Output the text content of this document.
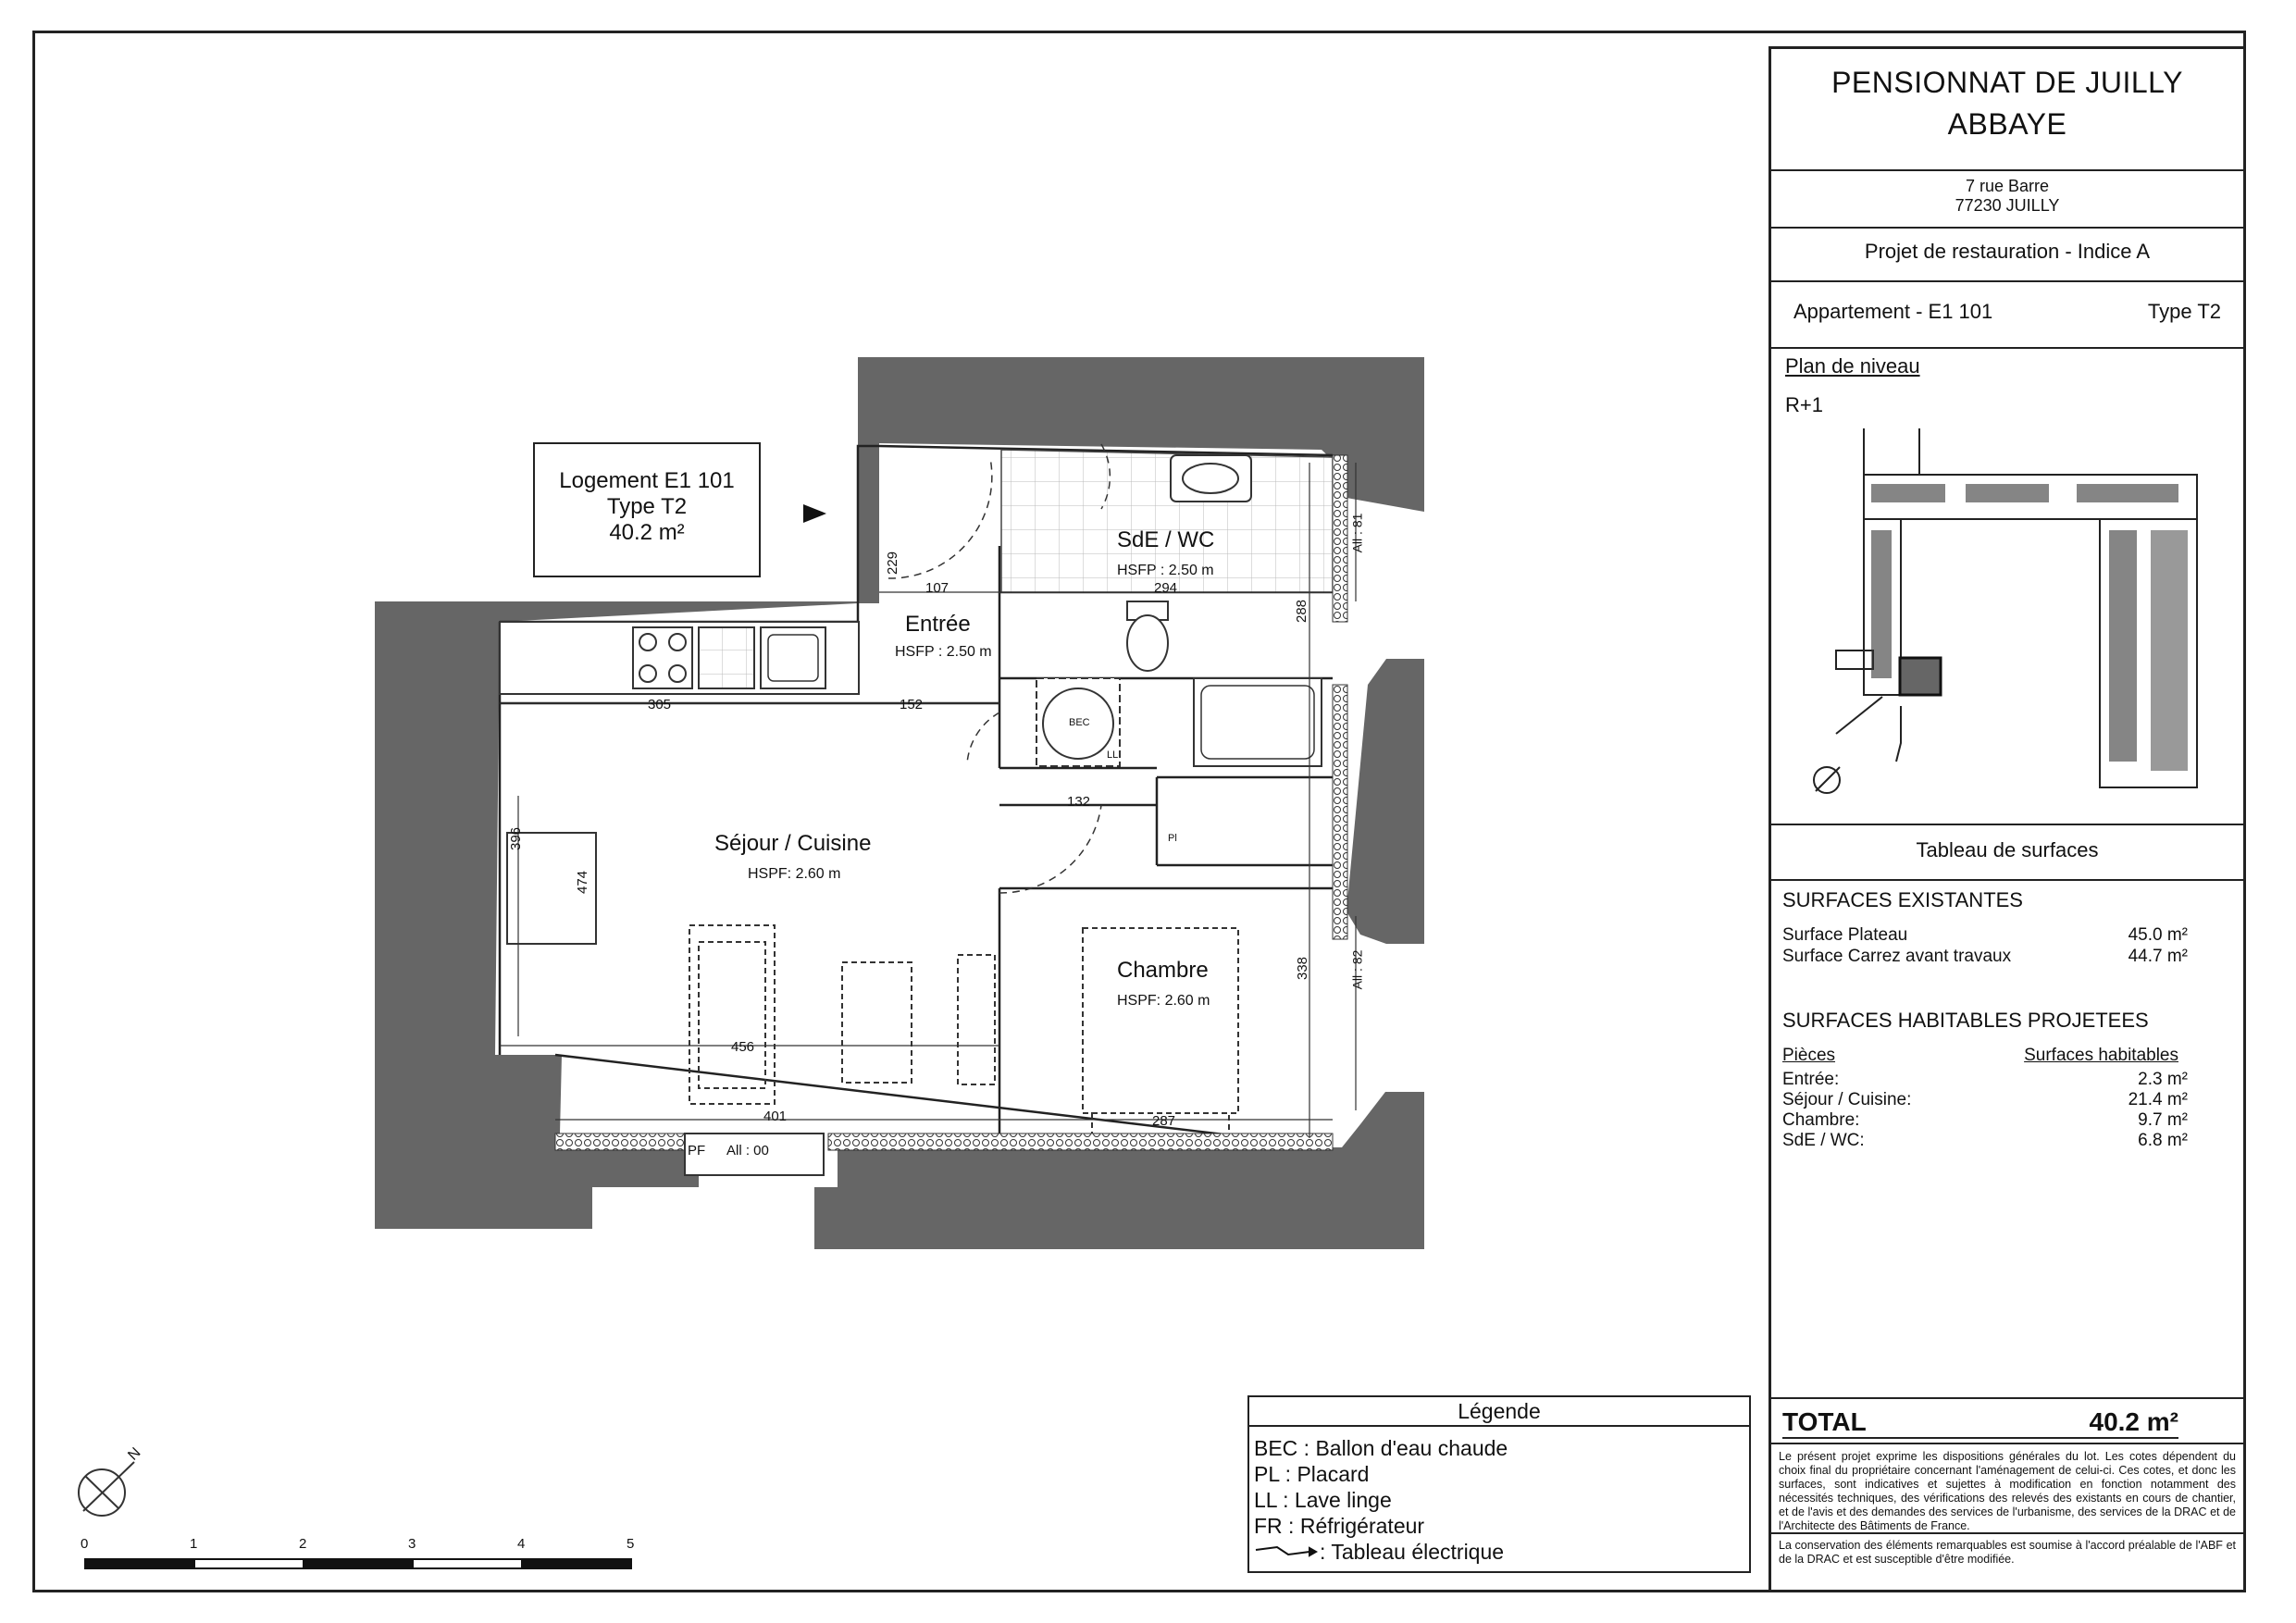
Logement E1 101
Type T2
40.2 m²	SdE / WC
HSFP : 2.50 m
Entrée
HSFP : 2.50 m
Séjour / Cuisine
HSPF: 2.60 m
Chambre
HSPF: 2.60 m
BEC
LL
Pl
PF
107	294
229
288
305	152
132
396
474
456
338
401	287
All : 81
All : 82
All : 00
N
0	1	2	3	4	5
Légende
BEC : Ballon d'eau chaude
PL : Placard
LL : Lave linge
FR : Réfrigérateur
: Tableau électrique
PENSIONNAT DE JUILLY
ABBAYE
7 rue Barre
77230 JUILLY
Projet de restauration - Indice A
Appartement - E1 101	Type T2
Plan de niveau
R+1
Tableau de surfaces
SURFACES EXISTANTES
Surface Plateau	45.0 m²
Surface Carrez avant travaux	44.7 m²
SURFACES HABITABLES PROJETEES
Pièces	Surfaces habitables
Entrée:	2.3 m²
Séjour / Cuisine:	21.4 m²
Chambre:	9.7 m²
SdE / WC:	6.8 m²
TOTAL	40.2 m²
Le présent projet exprime les dispositions générales du lot. Les cotes dépendent du choix final du propriétaire concernant l'aménagement de celui-ci. Ces cotes, et donc les surfaces, sont indicatives et sujettes à modification en fonction notamment des nécessités techniques, des vérifications des relevés des existants en cours de chantier, et de l'avis et des demandes des services de l'urbanisme, des services de la DRAC et de l'Architecte des Bâtiments de France.
La conservation des éléments remarquables est soumise à l'accord préalable de l'ABF et de la DRAC et est susceptible d'être modifiée.
